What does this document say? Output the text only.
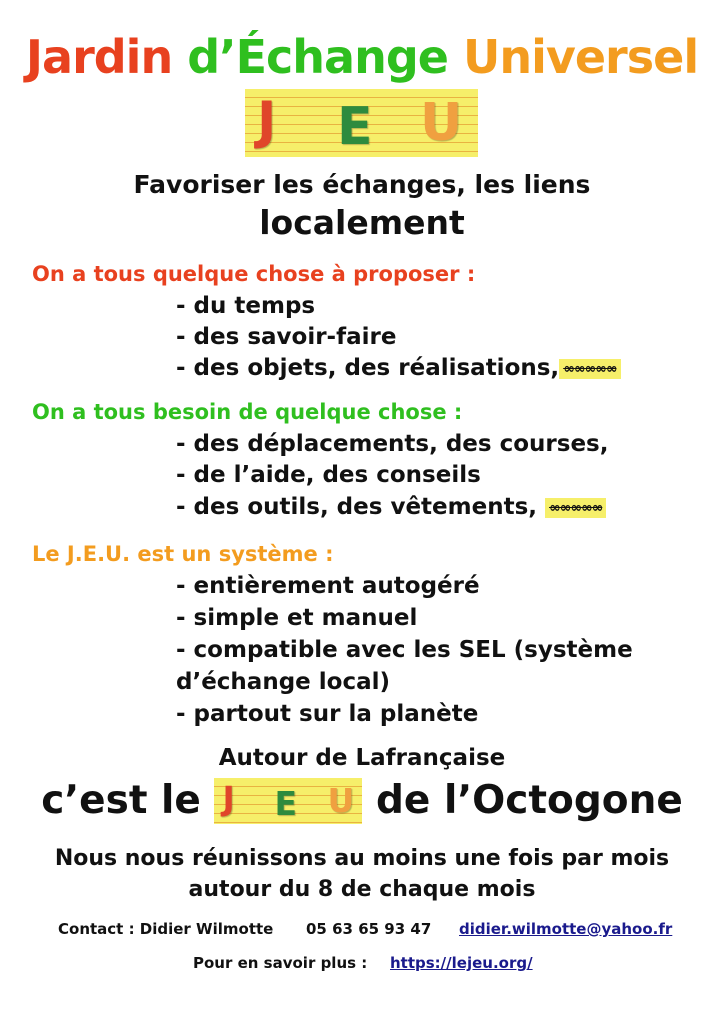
Jardin d’Échange Universel
J E U
Favoriser les échanges, les liens
localement
On a tous quelque chose à proposer :
- du temps
- des savoir-faire
- des objets, des réalisations, ∞∞∞∞∞
On a tous besoin de quelque chose :
- des déplacements, des courses,
- de l’aide, des conseils
- des outils, des vêtements, ∞∞∞∞∞
Le J.E.U. est un système :
- entièrement autogéré
- simple et manuel
- compatible avec les SEL (système
d’échange local)
- partout sur la planète
Autour de Lafrançaise
c’est le J E U de l’Octogone
Nous nous réunissons au moins une fois par mois
autour du 8 de chaque mois
Contact : Didier Wilmotte 05 63 65 93 47 didier.wilmotte@yahoo.fr
Pour en savoir plus : https://lejeu.org/
